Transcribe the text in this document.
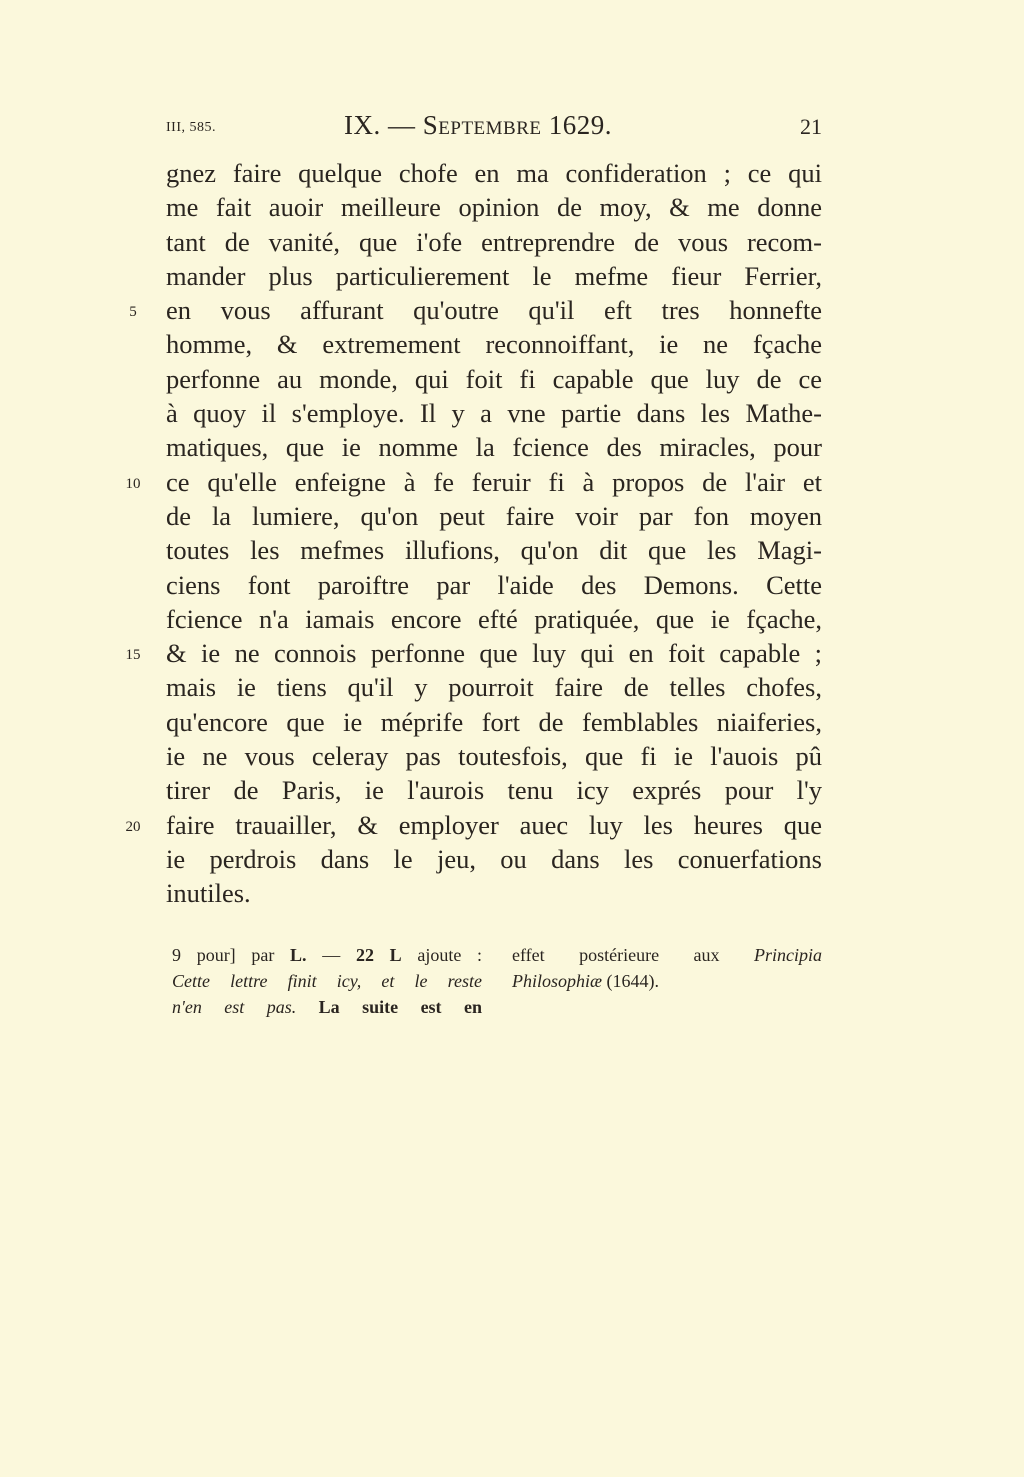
III, 585.	IX. — Septembre 1629.	21
gnez faire quelque chofe en ma confideration ; ce qui
me fait auoir meilleure opinion de moy, & me donne
tant de vanité, que i'ofe entreprendre de vous recom-
mander plus particulierement le mefme fieur Ferrier,
5	en vous affurant qu'outre qu'il eft tres honnefte
homme, & extremement reconnoiffant, ie ne fçache
perfonne au monde, qui foit fi capable que luy de ce
à quoy il s'employe. Il y a vne partie dans les Mathe-
matiques, que ie nomme la fcience des miracles, pour
10 ce qu'elle enfeigne à fe feruir fi à propos de l'air et
de la lumiere, qu'on peut faire voir par fon moyen
toutes les mefmes illufions, qu'on dit que les Magi-
ciens font paroiftre par l'aide des Demons. Cette
fcience n'a iamais encore efté pratiquée, que ie fçache,
15 & ie ne connois perfonne que luy qui en foit capable ;
mais ie tiens qu'il y pourroit faire de telles chofes,
qu'encore que ie méprife fort de femblables niaiferies,
ie ne vous celeray pas toutesfois, que fi ie l'auois pû
tirer de Paris, ie l'aurois tenu icy exprés pour l'y
20 faire trauailler, & employer auec luy les heures que
ie perdrois dans le jeu, ou dans les conuerfations
inutiles.
9 pour] par L. — 22 L ajoute :
Cette lettre finit icy, et le reste
n'en est pas. La suite est en
effet postérieure aux Principia
Philosophiæ (1644).
